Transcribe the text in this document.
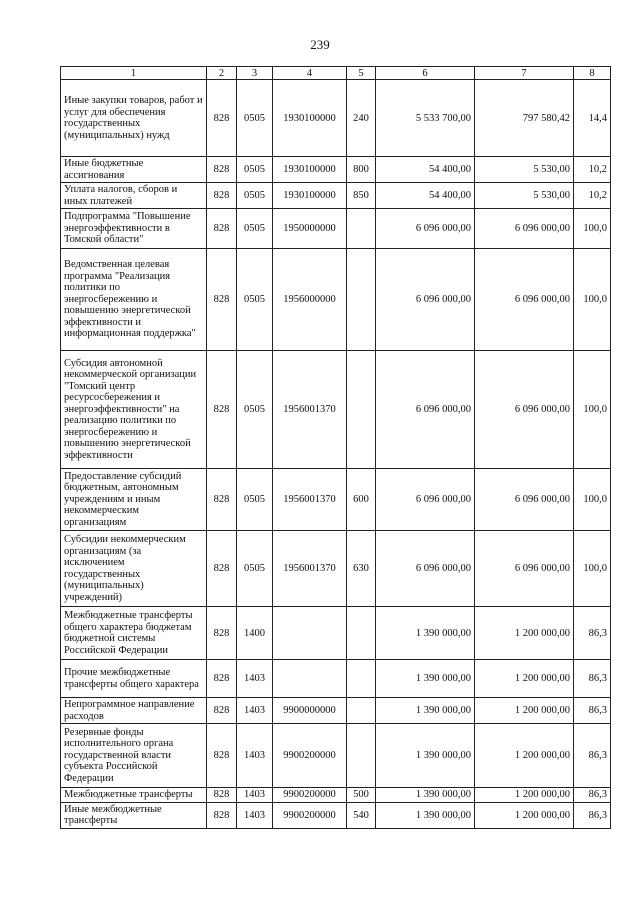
239
1	2	3	4	5	6	7	8
Иные закупки товаров, работ и услуг для обеспечения государственных (муниципальных) нужд	828	0505	1930100000	240	5 533 700,00	797 580,42	14,4
Иные бюджетные ассигнования	828	0505	1930100000	800	54 400,00	5 530,00	10,2
Уплата налогов, сборов и иных платежей	828	0505	1930100000	850	54 400,00	5 530,00	10,2
Подпрограмма "Повышение энергоэффективности в Томской области"	828	0505	1950000000		6 096 000,00	6 096 000,00	100,0
Ведомственная целевая программа "Реализация политики по энергосбережению и повышению энергетической эффективности и информационная поддержка"	828	0505	1956000000		6 096 000,00	6 096 000,00	100,0
Субсидия автономной некоммерческой организации "Томский центр ресурсосбережения и энергоэффективности" на реализацию политики по энергосбережению и повышению энергетической эффективности	828	0505	1956001370		6 096 000,00	6 096 000,00	100,0
Предоставление субсидий бюджетным, автономным учреждениям и иным некоммерческим организациям	828	0505	1956001370	600	6 096 000,00	6 096 000,00	100,0
Субсидии некоммерческим организациям (за исключением государственных (муниципальных) учреждений)	828	0505	1956001370	630	6 096 000,00	6 096 000,00	100,0
Межбюджетные трансферты общего характера бюджетам бюджетной системы Российской Федерации	828	1400			1 390 000,00	1 200 000,00	86,3
Прочие межбюджетные трансферты общего характера	828	1403			1 390 000,00	1 200 000,00	86,3
Непрограммное направление расходов	828	1403	9900000000		1 390 000,00	1 200 000,00	86,3
Резервные фонды исполнительного органа государственной власти субъекта Российской Федерации	828	1403	9900200000		1 390 000,00	1 200 000,00	86,3
Межбюджетные трансферты	828	1403	9900200000	500	1 390 000,00	1 200 000,00	86,3
Иные межбюджетные трансферты	828	1403	9900200000	540	1 390 000,00	1 200 000,00	86,3
